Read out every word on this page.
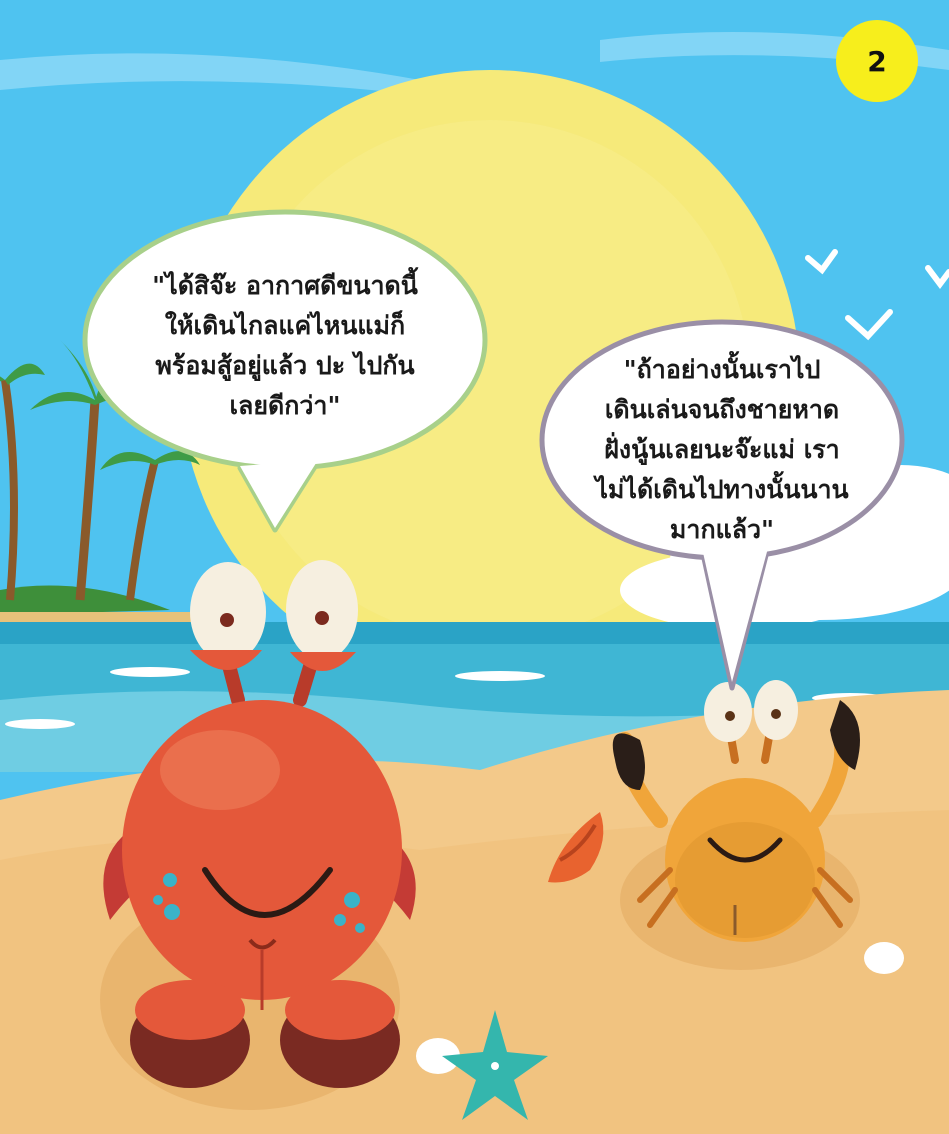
"ได้สิจ๊ะ อากาศดีขนาดนี้
ให้เดินไกลแค่ไหนแม่ก็
พร้อมสู้อยู่แล้ว ปะ ไปกัน
เลยดีกว่า"
"ถ้าอย่างนั้นเราไป
เดินเล่นจนถึงชายหาด
ฝั่งนู้นเลยนะจ๊ะแม่ เรา
ไม่ได้เดินไปทางนั้นนาน
มากแล้ว"
2
